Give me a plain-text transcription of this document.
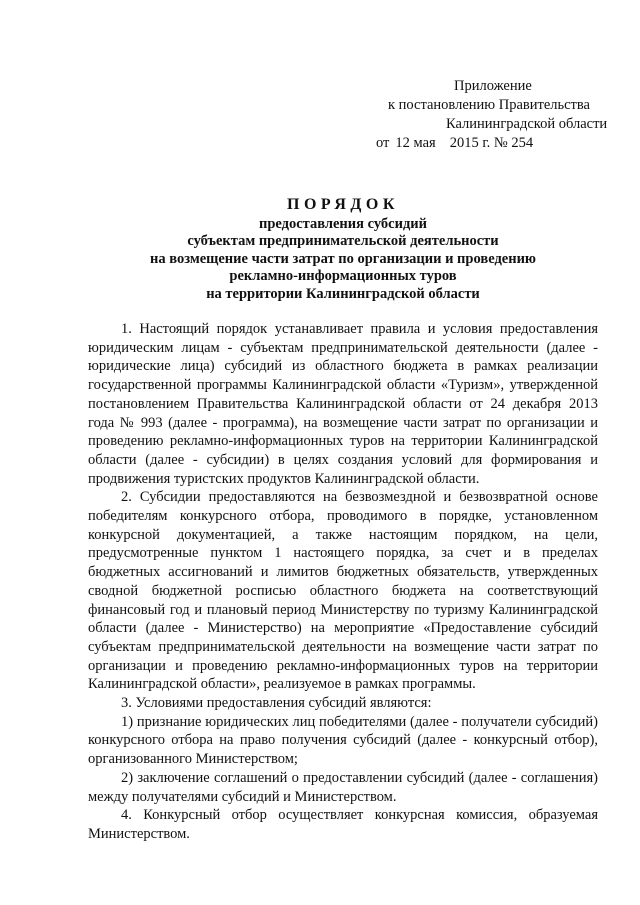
Приложение
к постановлению Правительства
Калининградской области
от 12 мая 2015 г. № 254
ПОРЯДОК
предоставления субсидий
субъектам предпринимательской деятельности
на возмещение части затрат по организации и проведению
рекламно-информационных туров
на территории Калининградской области

1. Настоящий порядок устанавливает правила и условия предоставления юридическим лицам - субъектам предпринимательской деятельности (далее - юридические лица) субсидий из областного бюджета в рамках реализации государственной программы Калининградской области «Туризм», утвержденной постановлением Правительства Калининградской области от 24 декабря 2013 года № 993 (далее - программа), на возмещение части затрат по организации и проведению рекламно-информационных туров на территории Калининградской области (далее - субсидии) в целях создания условий для формирования и продвижения туристских продуктов Калининградской области.

2. Субсидии предоставляются на безвозмездной и безвозвратной основе победителям конкурсного отбора, проводимого в порядке, установленном конкурсной документацией, а также настоящим порядком, на цели, предусмотренные пунктом 1 настоящего порядка, за счет и в пределах бюджетных ассигнований и лимитов бюджетных обязательств, утвержденных сводной бюджетной росписью областного бюджета на соответствующий финансовый год и плановый период Министерству по туризму Калининградской области (далее - Министерство) на мероприятие «Предоставление субсидий субъектам предпринимательской деятельности на возмещение части затрат по организации и проведению рекламно-информационных туров на территории Калининградской области», реализуемое в рамках программы.

3. Условиями предоставления субсидий являются:

1) признание юридических лиц победителями (далее - получатели субсидий) конкурсного отбора на право получения субсидий (далее - конкурсный отбор), организованного Министерством;

2) заключение соглашений о предоставлении субсидий (далее - соглашения) между получателями субсидий и Министерством.

4. Конкурсный отбор осуществляет конкурсная комиссия, образуемая Министерством.
